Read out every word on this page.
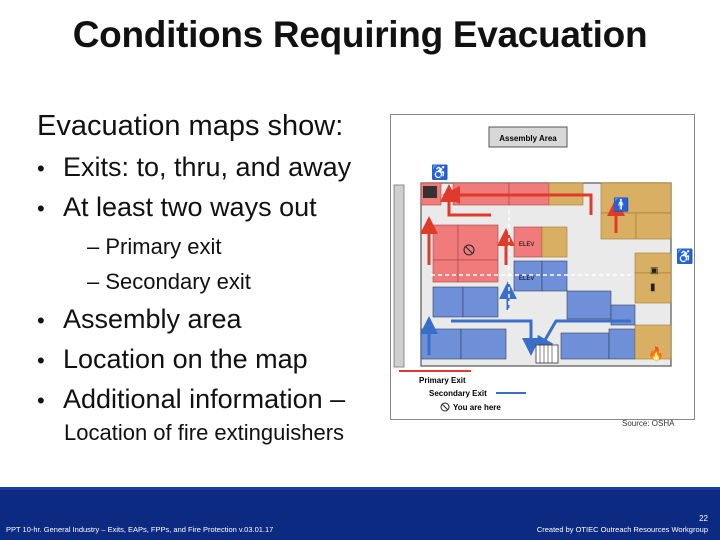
Conditions Requiring Evacuation
Evacuation maps show:
• Exits: to, thru, and away
• At least two ways out
– Primary exit
– Secondary exit
• Assembly area
• Location on the map
• Additional information –
Location of fire extinguishers
Assembly Area
ELEV
ELEV
♿
♿
🚹
▣
▮
🔥
Primary Exit
Secondary Exit
You are here
Source: OSHA
22
PPT 10-hr. General Industry – Exits, EAPs, FPPs, and Fire Protection v.03.01.17	Created by OTIEC Outreach Resources Workgroup
